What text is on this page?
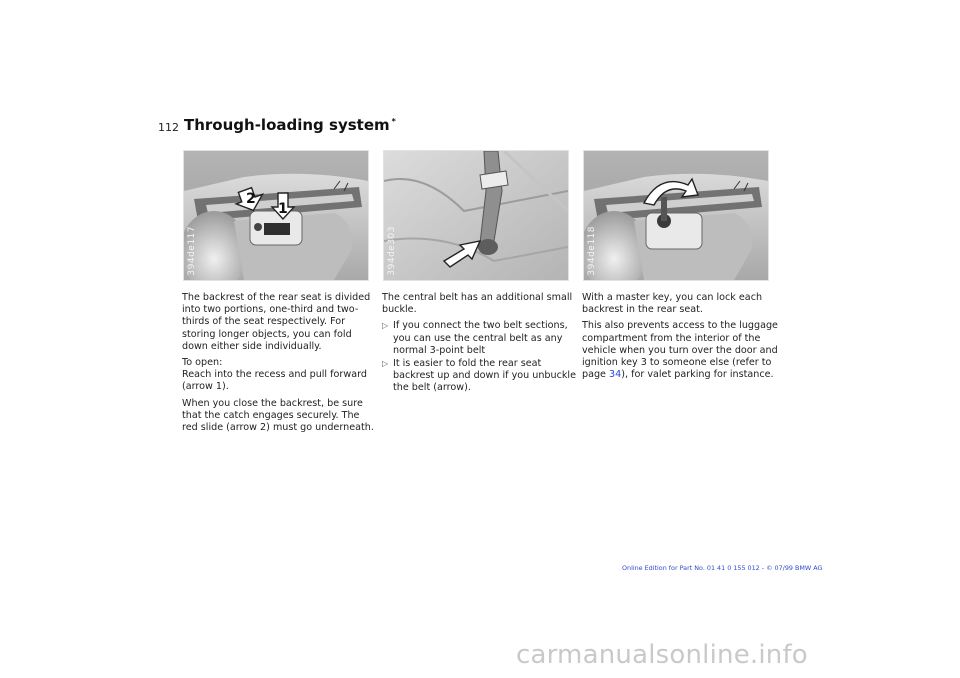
112 Through-loading system *
1
2
394de117	394de303	394de118

The backrest of the rear seat is divided into two portions, one-third and two-thirds of the seat respectively. For storing longer objects, you can fold down either side individually.

To open:
Reach into the recess and pull forward (arrow 1).

When you close the backrest, be sure that the catch engages securely. The red slide (arrow 2) must go underneath.

The central belt has an additional small buckle.

▷ If you connect the two belt sections, you can use the central belt as any normal 3-point belt
▷ It is easier to fold the rear seat backrest up and down if you unbuckle the belt (arrow).

With a master key, you can lock each backrest in the rear seat.

This also prevents access to the luggage compartment from the interior of the vehicle when you turn over the door and ignition key 3 to someone else (refer to page 34), for valet parking for instance.

Online Edition for Part No. 01 41 0 155 012 - © 07/99 BMW AG
carmanualsonline.info
